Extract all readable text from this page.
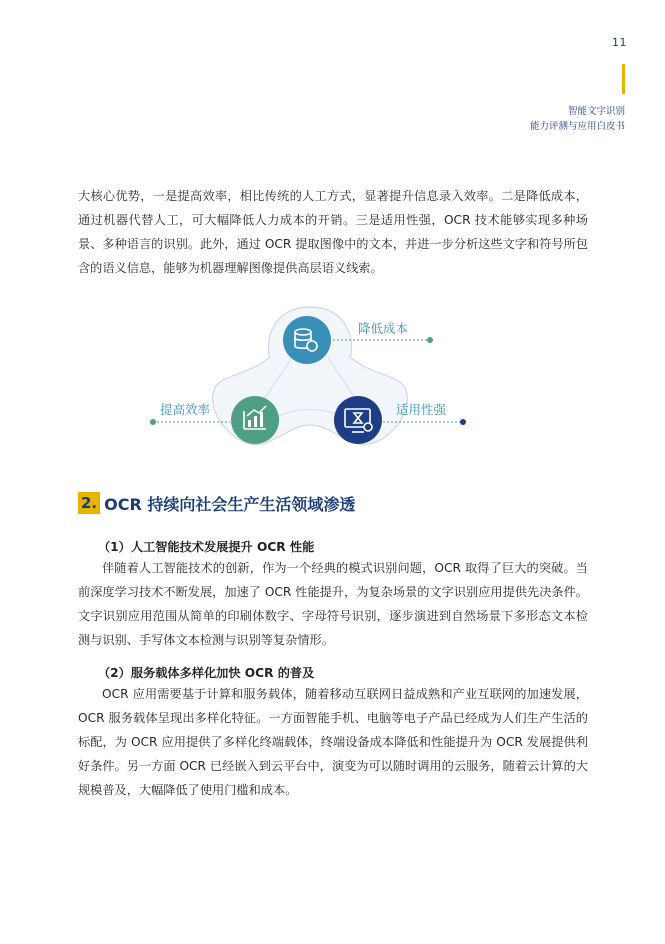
11
智能文字识别
能力评测与应用白皮书

大核心优势，一是提高效率，相比传统的人工方式，显著提升信息录入效率。二是降低成本，通过机器代替人工，可大幅降低人力成本的开销。三是适用性强，OCR 技术能够实现多种场景、多种语言的识别。此外，通过 OCR 提取图像中的文本，并进一步分析这些文字和符号所包含的语义信息，能够为机器理解图像提供高层语义线索。

降低成本
提高效率	适用性强
2. OCR 持续向社会生产生活领域渗透
（1）人工智能技术发展提升 OCR 性能

伴随着人工智能技术的创新，作为一个经典的模式识别问题，OCR 取得了巨大的突破。当前深度学习技术不断发展，加速了 OCR 性能提升，为复杂场景的文字识别应用提供先决条件。文字识别应用范围从简单的印刷体数字、字母符号识别，逐步演进到自然场景下多形态文本检测与识别、手写体文本检测与识别等复杂情形。

（2）服务载体多样化加快 OCR 的普及

OCR 应用需要基于计算和服务载体，随着移动互联网日益成熟和产业互联网的加速发展，OCR 服务载体呈现出多样化特征。一方面智能手机、电脑等电子产品已经成为人们生产生活的标配，为 OCR 应用提供了多样化终端载体，终端设备成本降低和性能提升为 OCR 发展提供利好条件。另一方面 OCR 已经嵌入到云平台中，演变为可以随时调用的云服务，随着云计算的大规模普及，大幅降低了使用门槛和成本。
